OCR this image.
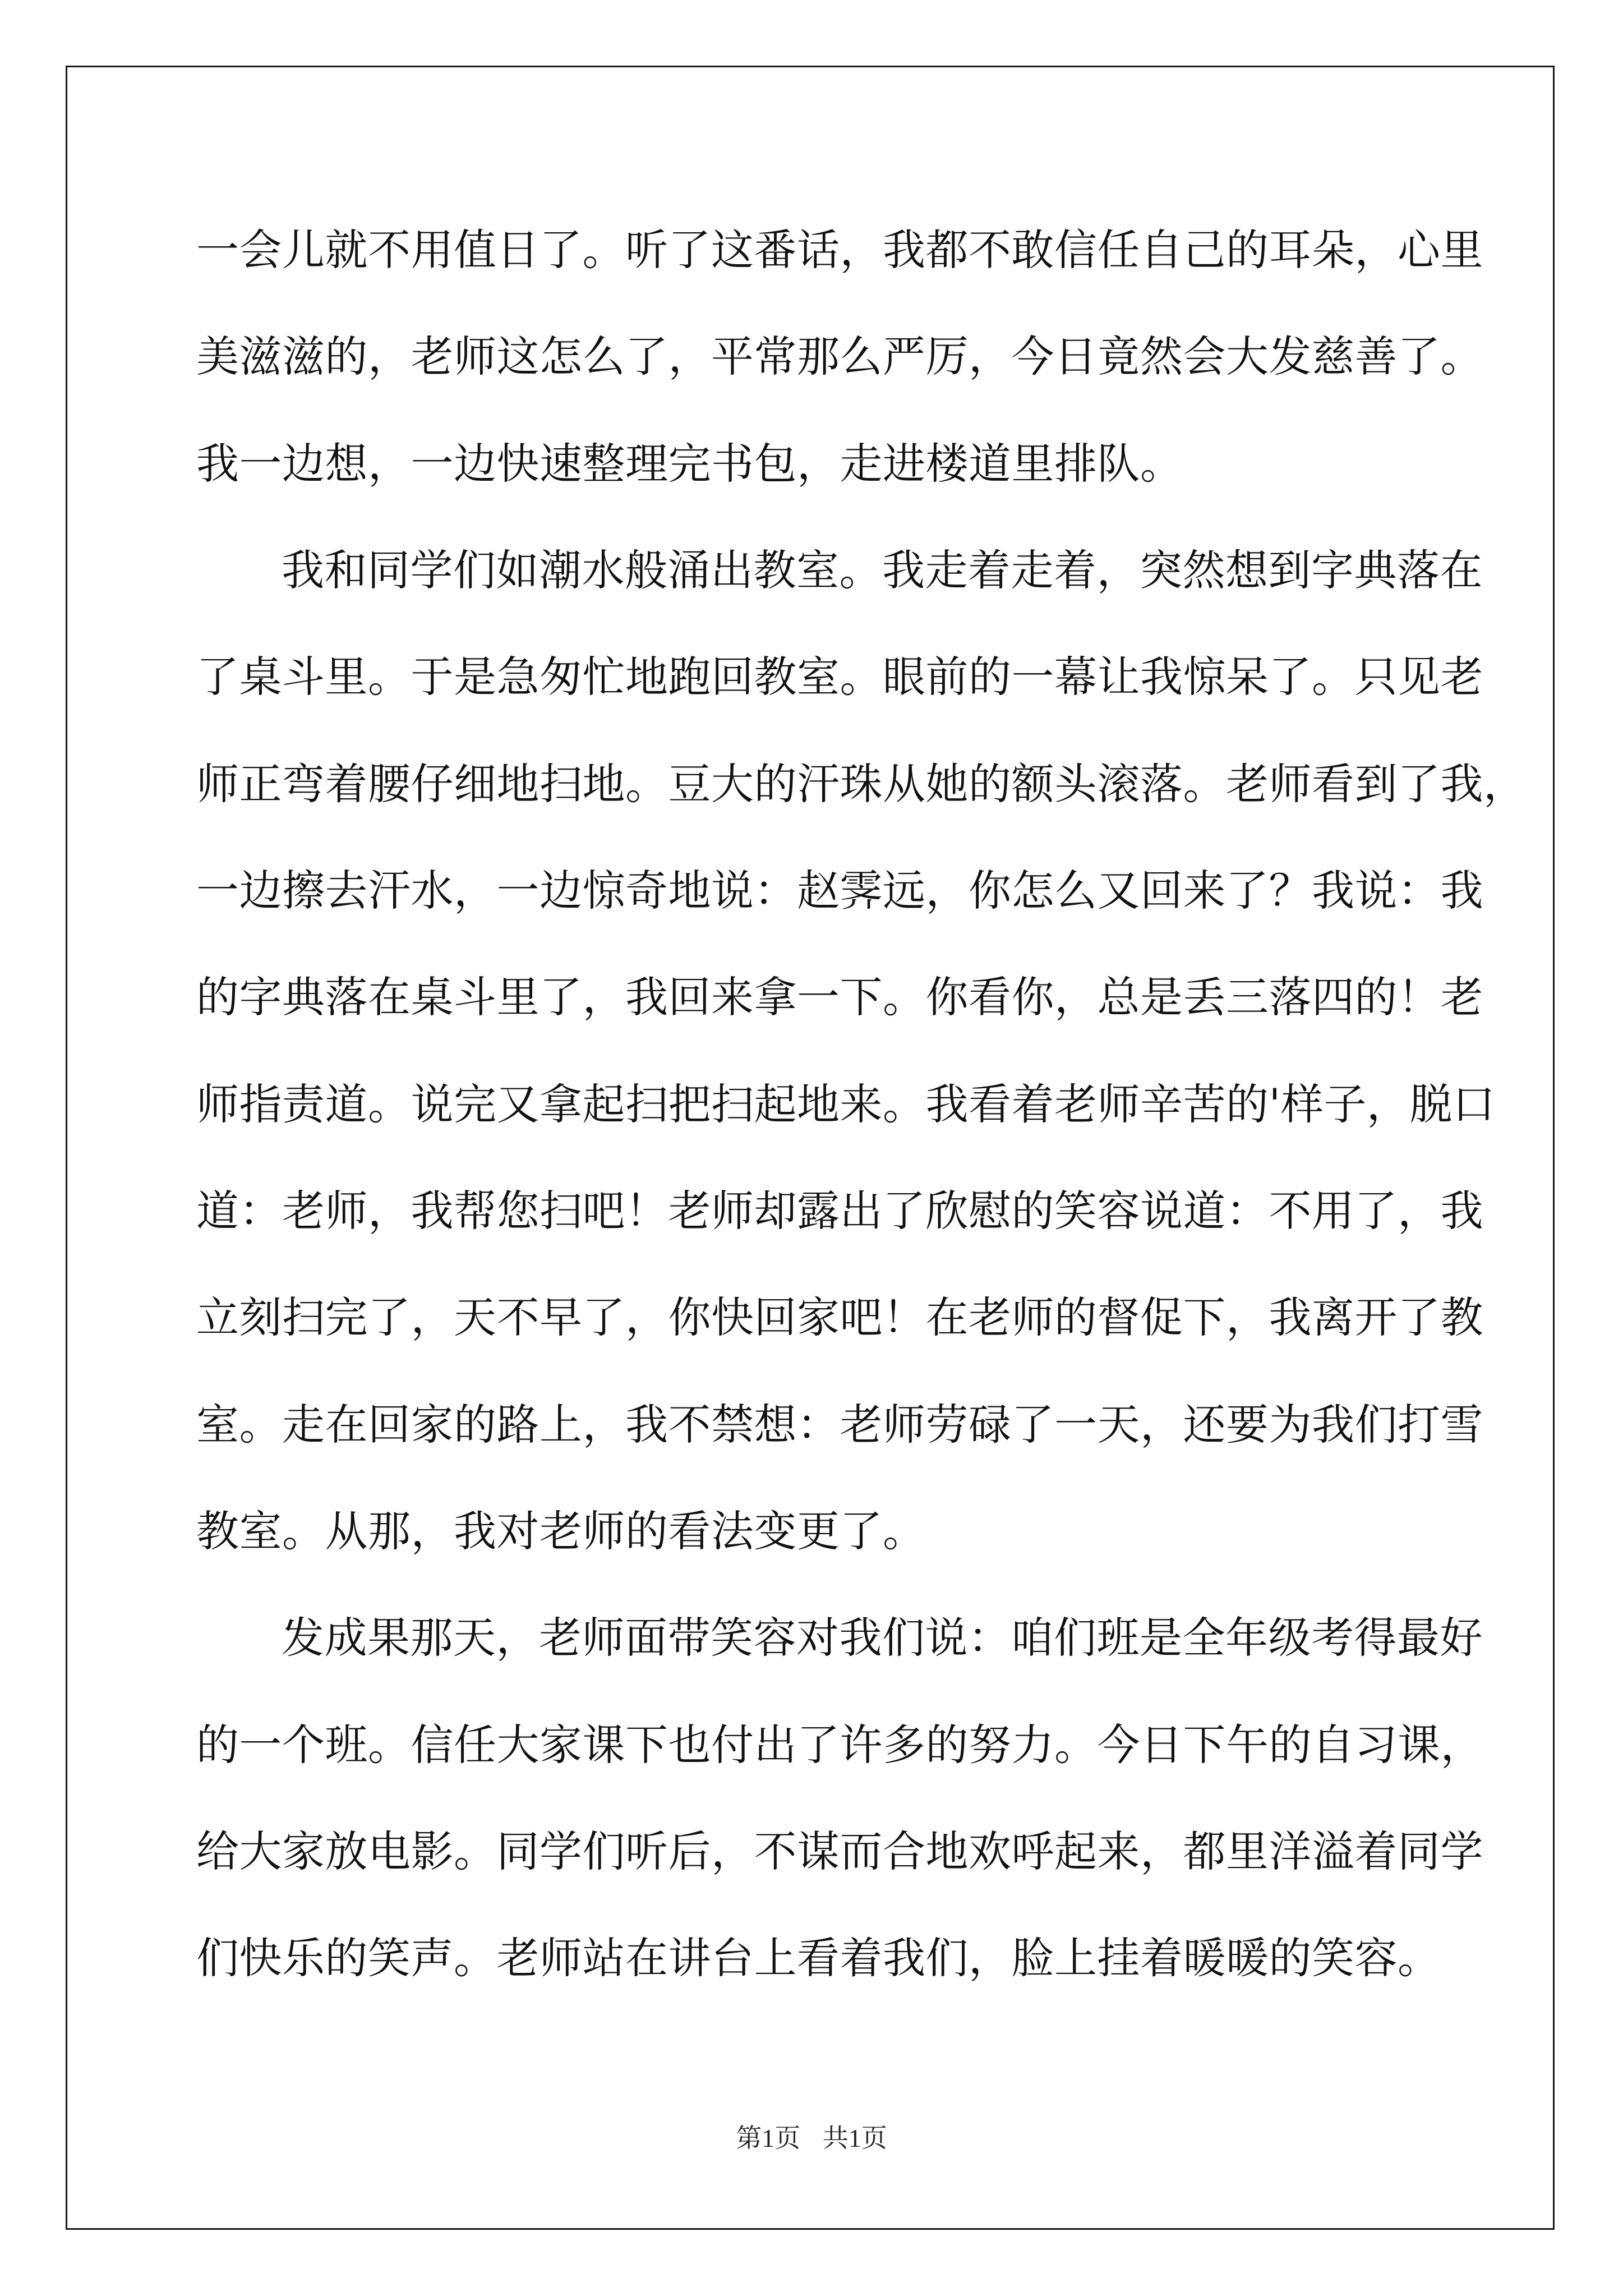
一会儿就不用值日了。听了这番话，我都不敢信任自己的耳朵，心里
美滋滋的，老师这怎么了，平常那么严厉，今日竟然会大发慈善了。
我一边想，一边快速整理完书包，走进楼道里排队。
我和同学们如潮水般涌出教室。我走着走着，突然想到字典落在
了桌斗里。于是急匆忙地跑回教室。眼前的一幕让我惊呆了。只见老
师正弯着腰仔细地扫地。豆大的汗珠从她的额头滚落。老师看到了我，
一边擦去汗水，一边惊奇地说：赵霁远，你怎么又回来了？我说：我
的字典落在桌斗里了，我回来拿一下。你看你，总是丢三落四的！老
师指责道。说完又拿起扫把扫起地来。我看着老师辛苦的'样子，脱口
道：老师，我帮您扫吧！老师却露出了欣慰的笑容说道：不用了，我
立刻扫完了，天不早了，你快回家吧！在老师的督促下，我离开了教
室。走在回家的路上，我不禁想：老师劳碌了一天，还要为我们打雪
教室。从那，我对老师的看法变更了。
发成果那天，老师面带笑容对我们说：咱们班是全年级考得最好
的一个班。信任大家课下也付出了许多的努力。今日下午的自习课，
给大家放电影。同学们听后，不谋而合地欢呼起来，都里洋溢着同学
们快乐的笑声。老师站在讲台上看着我们，脸上挂着暖暖的笑容。
第1页 共1页
